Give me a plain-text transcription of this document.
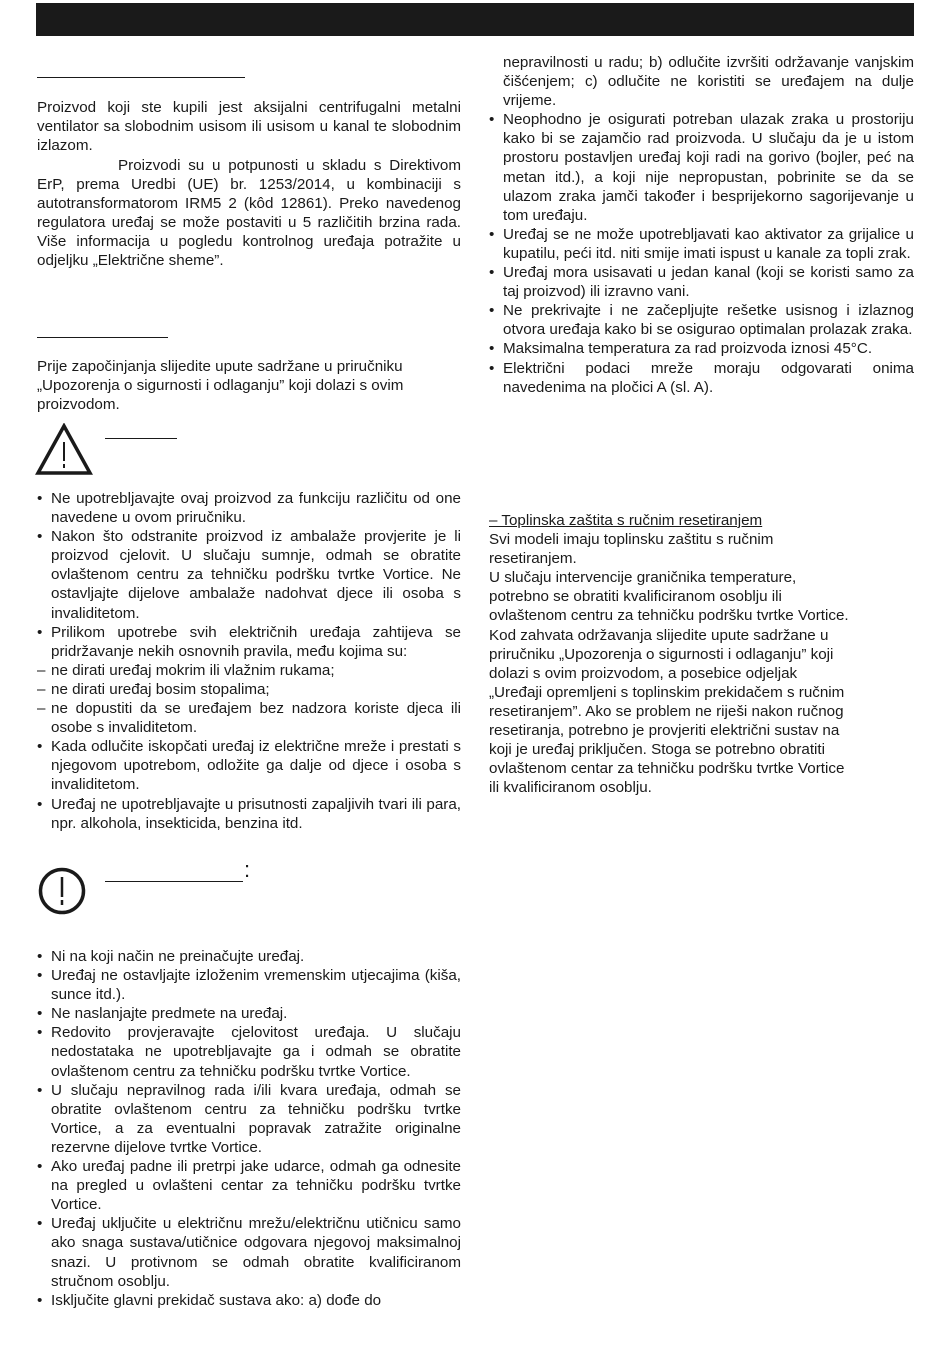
Proizvod koji ste kupili jest aksijalni centrifugalni metalni ventilator sa slobodnim usisom ili usisom u kanal te slobodnim izlazom.

Proizvodi su u potpunosti u skladu s Direktivom ErP, prema Uredbi (UE) br. 1253/2014, u kombinaciji s autotransformatorom IRM5 2 (kôd 12861). Preko navedenog regulatora uređaj se može postaviti u 5 različitih brzina rada. Više informacija u pogledu kontrolnog uređaja potražite u odjeljku „Električne sheme”.

Prije započinjanja slijedite upute sadržane u priručniku „Upozorenja o sigurnosti i odlaganju” koji dolazi s ovim proizvodom.

• Ne upotrebljavajte ovaj proizvod za funkciju različitu od one navedene u ovom priručniku.
• Nakon što odstranite proizvod iz ambalaže provjerite je li proizvod cjelovit. U slučaju sumnje, odmah se obratite ovlaštenom centru za tehničku podršku tvrtke Vortice. Ne ostavljajte dijelove ambalaže nadohvat djece ili osoba s invaliditetom.
• Prilikom upotrebe svih električnih uređaja zahtijeva se pridržavanje nekih osnovnih pravila, među kojima su:
– ne dirati uređaj mokrim ili vlažnim rukama;
– ne dirati uređaj bosim stopalima;
– ne dopustiti da se uređajem bez nadzora koriste djeca ili osobe s invaliditetom.
• Kada odlučite iskopčati uređaj iz električne mreže i prestati s njegovom upotrebom, odložite ga dalje od djece i osoba s invaliditetom.
• Uređaj ne upotrebljavajte u prisutnosti zapaljivih tvari ili para, npr. alkohola, insekticida, benzina itd.
:
• Ni na koji način ne preinačujte uređaj.
• Uređaj ne ostavljajte izloženim vremenskim utjecajima (kiša, sunce itd.).
• Ne naslanjajte predmete na uređaj.
• Redovito provjeravajte cjelovitost uređaja. U slučaju nedostataka ne upotrebljavajte ga i odmah se obratite ovlaštenom centru za tehničku podršku tvrtke Vortice.
• U slučaju nepravilnog rada i/ili kvara uređaja, odmah se obratite ovlaštenom centru za tehničku podršku tvrtke Vortice, a za eventualni popravak zatražite originalne rezervne dijelove tvrtke Vortice.
• Ako uređaj padne ili pretrpi jake udarce, odmah ga odnesite na pregled u ovlašteni centar za tehničku podršku tvrtke Vortice.
• Uređaj uključite u električnu mrežu/električnu utičnicu samo ako snaga sustava/utičnice odgovara njegovoj maksimalnoj snazi. U protivnom se odmah obratite kvalificiranom stručnom osoblju.
• Isključite glavni prekidač sustava ako: a) dođe do
nepravilnosti u radu; b) odlučite izvršiti održavanje vanjskim čišćenjem; c) odlučite ne koristiti se uređajem na dulje vrijeme.
• Neophodno je osigurati potreban ulazak zraka u prostoriju kako bi se zajamčio rad proizvoda. U slučaju da je u istom prostoru postavljen uređaj koji radi na gorivo (bojler, peć na metan itd.), a koji nije nepropustan, pobrinite se da se ulazom zraka jamči također i besprijekorno sagorijevanje u tom uređaju.
• Uređaj se ne može upotrebljavati kao aktivator za grijalice u kupatilu, peći itd. niti smije imati ispust u kanale za topli zrak.
• Uređaj mora usisavati u jedan kanal (koji se koristi samo za taj proizvod) ili izravno vani.
• Ne prekrivajte i ne začepljujte rešetke usisnog i izlaznog otvora uređaja kako bi se osigurao optimalan prolazak zraka.
• Maksimalna temperatura za rad proizvoda iznosi 45°C.
• Električni podaci mreže moraju odgovarati onima navedenima na pločici A (sl. A).
– Toplinska zaštita s ručnim resetiranjem
Svi modeli imaju toplinsku zaštitu s ručnim
resetiranjem.
U slučaju intervencije graničnika temperature,
potrebno se obratiti kvalificiranom osoblju ili
ovlaštenom centru za tehničku podršku tvrtke Vortice.
Kod zahvata održavanja slijedite upute sadržane u
priručniku „Upozorenja o sigurnosti i odlaganju” koji
dolazi s ovim proizvodom, a posebice odjeljak
„Uređaji opremljeni s toplinskim prekidačem s ručnim
resetiranjem”. Ako se problem ne riješi nakon ručnog
resetiranja, potrebno je provjeriti električni sustav na
koji je uređaj priključen. Stoga se potrebno obratiti
ovlaštenom centar za tehničku podršku tvrtke Vortice
ili kvalificiranom osoblju.
